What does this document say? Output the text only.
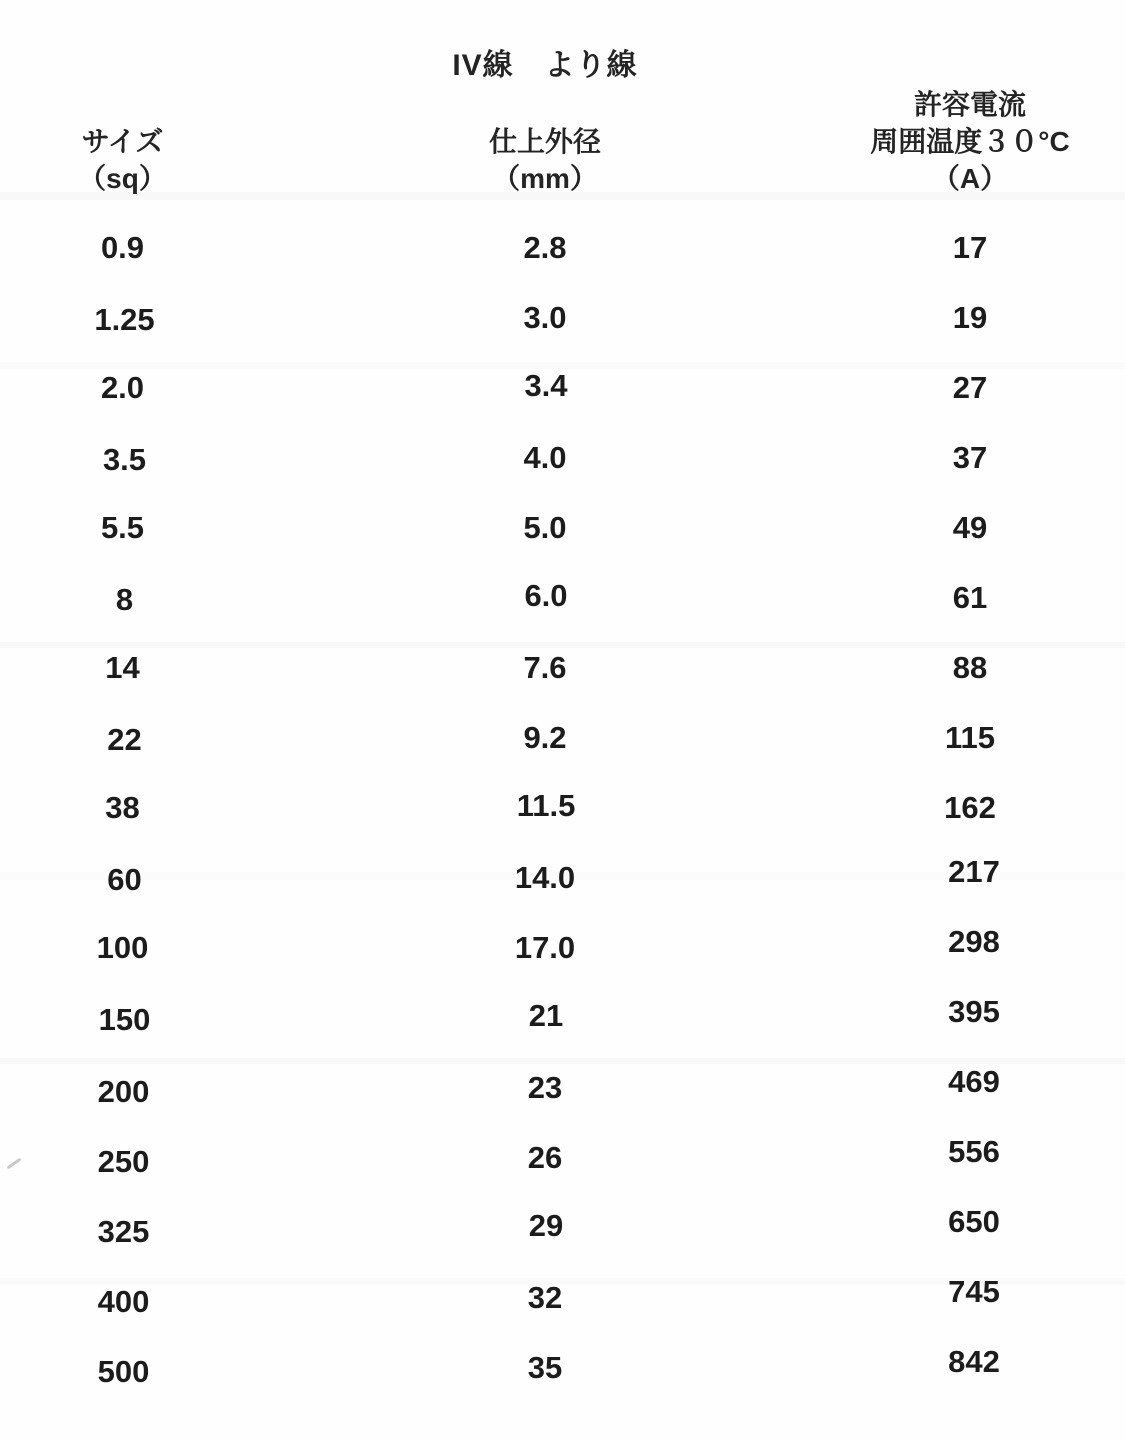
IV線　より線
サイズ
（sq）
仕上外径
（mm）
許容電流
周囲温度３０°C
（A）
0.9	2.8	17
1.25	3.0	19
2.0	3.4	27
3.5	4.0	37
5.5	5.0	49
8	6.0	61
14	7.6	88
22	9.2	115
38	11.5	162
60	14.0	217
100	17.0	298
150	21	395
200	23	469
250	26	556
325	29	650
400	32	745
500	35	842
